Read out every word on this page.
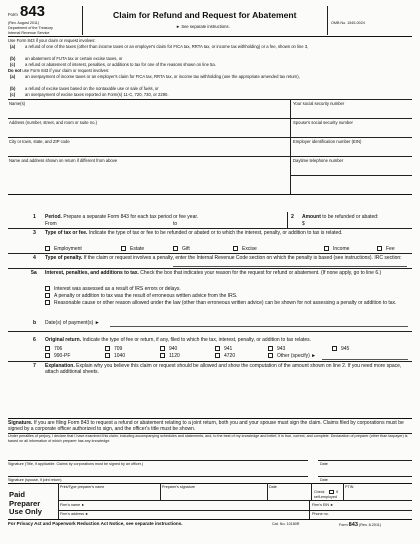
Form 843
(Rev. August 2011)
Department of the Treasury
Internal Revenue Service
Claim for Refund and Request for Abatement
► See separate instructions.
OMB No. 1545-0024
Use Form 843 if your claim or request involves:
(a) a refund of one of the taxes (other than income taxes or an employer's claim for FICA tax, RRTA tax, or income tax withholding) or a fee, shown on line 3,
(b) an abatement of FUTA tax or certain excise taxes, or
(c) a refund or abatement of interest, penalties, or additions to tax for one of the reasons shown on line 5a.
Do not use Form 843 if your claim or request involves:
(a) an overpayment of income taxes or an employer's claim for FICA tax, RRTA tax, or income tax withholding (use the appropriate amended tax return),
(b) a refund of excise taxes based on the nontaxable use or sale of fuels, or
(c) an overpayment of excise taxes reported on Form(s) 11-C, 720, 730, or 2290.
Name(s)	Your social security number
Address (number, street, and room or suite no.)	Spouse's social security number
City or town, state, and ZIP code	Employer identification number (EIN)
Name and address shown on return if different from above	Daytime telephone number
1 Period. Prepare a separate Form 843 for each tax period or fee year.
From	to
2 Amount to be refunded or abated:
$
3 Type of tax or fee. Indicate the type of tax or fee to be refunded or abated or to which the interest, penalty, or addition to tax is related.
Employment	Estate	Gift	Excise	Income	Fee
4 Type of penalty. If the claim or request involves a penalty, enter the Internal Revenue Code section on which the penalty is based (see instructions). IRC section:
5a Interest, penalties, and additions to tax. Check the box that indicates your reason for the request for refund or abatement. (If none apply, go to line 6.)
Interest was assessed as a result of IRS errors or delays.
A penalty or addition to tax was the result of erroneous written advice from the IRS.
Reasonable cause or other reason allowed under the law (other than erroneous written advice) can be shown for not assessing a penalty or addition to tax.
b Date(s) of payment(s) ►
6 Original return. Indicate the type of fee or return, if any, filed to which the tax, interest, penalty, or addition to tax relates.
706	709	940	941	943	945
990-PF	1040	1120	4720	Other (specify) ►
7 Explanation. Explain why you believe this claim or request should be allowed and show the computation of the amount shown on line 2. If you need more space, attach additional sheets.
Signature. If you are filing Form 843 to request a refund or abatement relating to a joint return, both you and your spouse must sign the claim. Claims filed by corporations must be signed by a corporate officer authorized to sign, and the officer's title must be shown.
Under penalties of perjury, I declare that I have examined this claim, including accompanying schedules and statements, and, to the best of my knowledge and belief, it is true, correct, and complete. Declaration of preparer (other than taxpayer) is based on all information of which preparer has any knowledge.
Signature (Title, if applicable. Claims by corporations must be signed by an officer.)	Date
Signature (spouse, if joint return)	Date
Paid
Preparer
Use Only
Print/Type preparer's name	Preparer's signature	Date
Check	if
self-employed
PTIN
Firm's name ►	Firm's EIN ►
Firm's address ►	Phone no.
For Privacy Act and Paperwork Reduction Act Notice, see separate instructions.	Cat. No. 10180R	Form 843 (Rev. 8-2011)
